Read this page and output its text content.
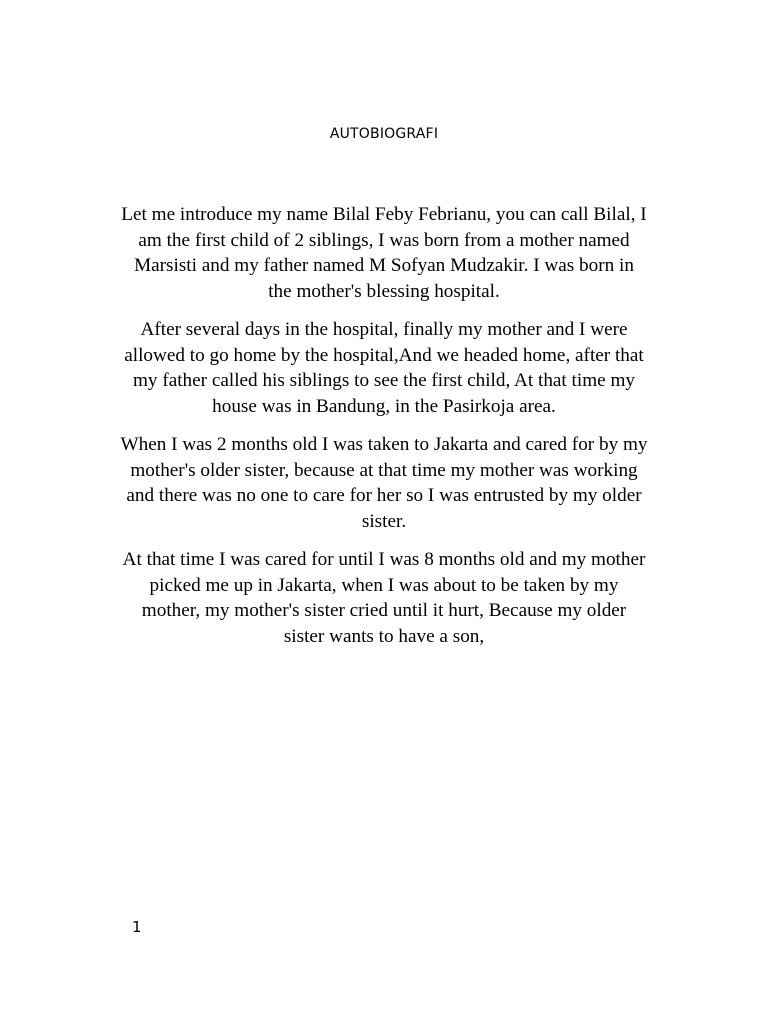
AUTOBIOGRAFI

Let me introduce my name Bilal Feby Febrianu, you can call Bilal, I am the first child of 2 siblings, I was born from a mother named Marsisti and my father named M Sofyan Mudzakir. I was born in the mother's blessing hospital.

After several days in the hospital, finally my mother and I were allowed to go home by the hospital,And we headed home, after that my father called his siblings to see the first child, At that time my house was in Bandung, in the Pasirkoja area.

When I was 2 months old I was taken to Jakarta and cared for by my mother's older sister, because at that time my mother was working and there was no one to care for her so I was entrusted by my older sister.

At that time I was cared for until I was 8 months old and my mother picked me up in Jakarta, when I was about to be taken by my mother, my mother's sister cried until it hurt, Because my older sister wants to have a son,

1
